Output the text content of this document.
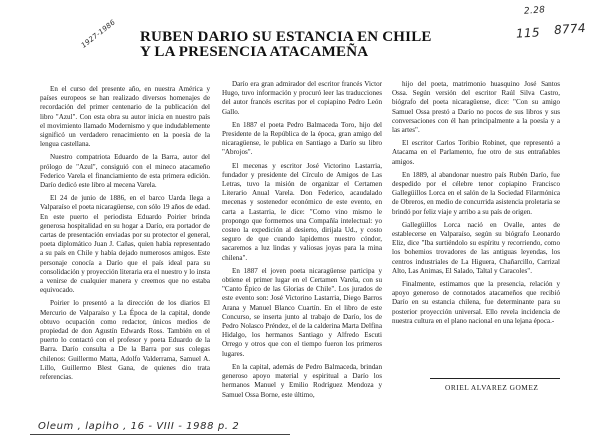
1927-1986
2.28
115 8774
RUBEN DARIO SU ESTANCIA EN CHILE
Y LA PRESENCIA ATACAMEÑA

En el curso del presente año, en nuestra América y países europeos se han realizado diversos homenajes de recordación del primer centenario de la publicación del libro "Azul". Con esta obra su autor inicia en nuestro país el movimiento llamado Modernismo y que indudablemente significó un verdadero renacimiento en la poesía de la lengua castellana.

Nuestro compatriota Eduardo de la Barra, autor del prólogo de "Azul", consiguió con el mineco atacameño Federico Varela el financiamiento de esta primera edición. Darío dedicó este libro al mecena Varela.

El 24 de junio de 1886, en el barco Uarda llega a Valparaíso el poeta nicaragüense, con sólo 19 años de edad. En este puerto el periodista Eduardo Poirier brinda generosa hospitalidad en su hogar a Darío, era portador de cartas de presentación enviadas por su protector el general, poeta diplomático Juan J. Cañas, quien había representado a su país en Chile y había dejado numerosos amigos. Este personaje conocía a Darío que el país ideal para su consolidación y proyección literaria era el nuestro y lo insta a venirse de cualquier manera y creemos que no estaba equivocado.

Poirier lo presentó a la dirección de los diarios El Mercurio de Valparaíso y La Época de la capital, donde obtuvo ocupación como redactor, únicos medios de propiedad de don Agustín Edwards Ross. También en el puerto lo contactó con el profesor y poeta Eduardo de la Barra. Darío consulta a De la Barra por sus colegas chilenos: Guillermo Matta, Adolfo Valderrama, Samuel A. Lillo, Guillermo Blest Gana, de quienes dio trata referencias.

Darío era gran admirador del escritor francés Victor Hugo, tuvo información y procuró leer las traducciones del autor francés escritas por el copiapino Pedro León Gallo.

En 1887 el poeta Pedro Balmaceda Toro, hijo del Presidente de la República de la época, gran amigo del nicaragüense, le publica en Santiago a Darío su libro "Abrojos".

El mecenas y escritor José Victorino Lastarria, fundador y presidente del Círculo de Amigos de Las Letras, tuvo la misión de organizar el Certamen Literario Anual Varela. Don Federico, acaudalado mecenas y sostenedor económico de este evento, en carta a Lastarria, le dice: "Como vino mismo le propongo que formemos una Compañía intelectual: yo costeo la expedición al desierto, dirijala Ud., y costo seguro de que cuando lapidemos nuestro cóndor, sacaremos a luz lindas y valiosas joyas para la mina chilena".

En 1887 el joven poeta nicaragüense participa y obtiene el primer lugar en el Certamen Varela, con su "Canto Épico de las Glorias de Chile". Los jurados de este evento son: José Victorino Lastarria, Diego Barros Arana y Manuel Blanco Cuartín. En el libro de este Concurso, se inserta junto al trabajo de Darío, los de Pedro Nolasco Préndez, el de la calderina Marta Delfina Hidalgo, los hermanos Santiago y Alfredo Escuti Orrego y otros que con el tiempo fueron los primeros lugares.

En la capital, además de Pedro Balmaceda, brindan generoso apoyo material y espiritual a Darío los hermanos Manuel y Emilio Rodríguez Mendoza y Samuel Ossa Borne, este último,

hijo del poeta, matrimonio huasquino José Santos Ossa. Según versión del escritor Raúl Silva Castro, biógrafo del poeta nicaragüense, dice: "Con su amigo Samuel Ossa prestó a Darío no pocos de sus libros y sus conversaciones con él han principalmente a la poesía y a las artes".

El escritor Carlos Toribio Robinet, que representó a Atacama en el Parlamento, fue otro de sus entrañables amigos.

En 1889, al abandonar nuestro país Rubén Darío, fue despedido por el célebre tenor copiapino Francisco Gallegüillos Lorca en el salón de la Sociedad Filarmónica de Obreros, en medio de concurrida asistencia proletaria se brindó por feliz viaje y arribo a su país de origen.

Gallegüillos Lorca nació en Ovalle, antes de establecerse en Valparaíso, según su biógrafo Leonardo Eliz, dice "Iba surtiéndolo su espíritu y recorriendo, como los bohemios trovadores de las antiguas leyendas, los centros industriales de La Higuera, Chañarcillo, Carrizal Alto, Las Animas, El Salado, Taltal y Caracoles".

Finalmente, estimamos que la presencia, relación y apoyo generoso de connotados atacameños que recibió Darío en su estancia chilena, fue determinante para su posterior proyección universal. Ello revela incidencia de nuestra cultura en el plano nacional en una lejana época.-

ORIEL ALVAREZ GOMEZ
Oleum , lapiho , 16 - VIII - 1988 p. 2
